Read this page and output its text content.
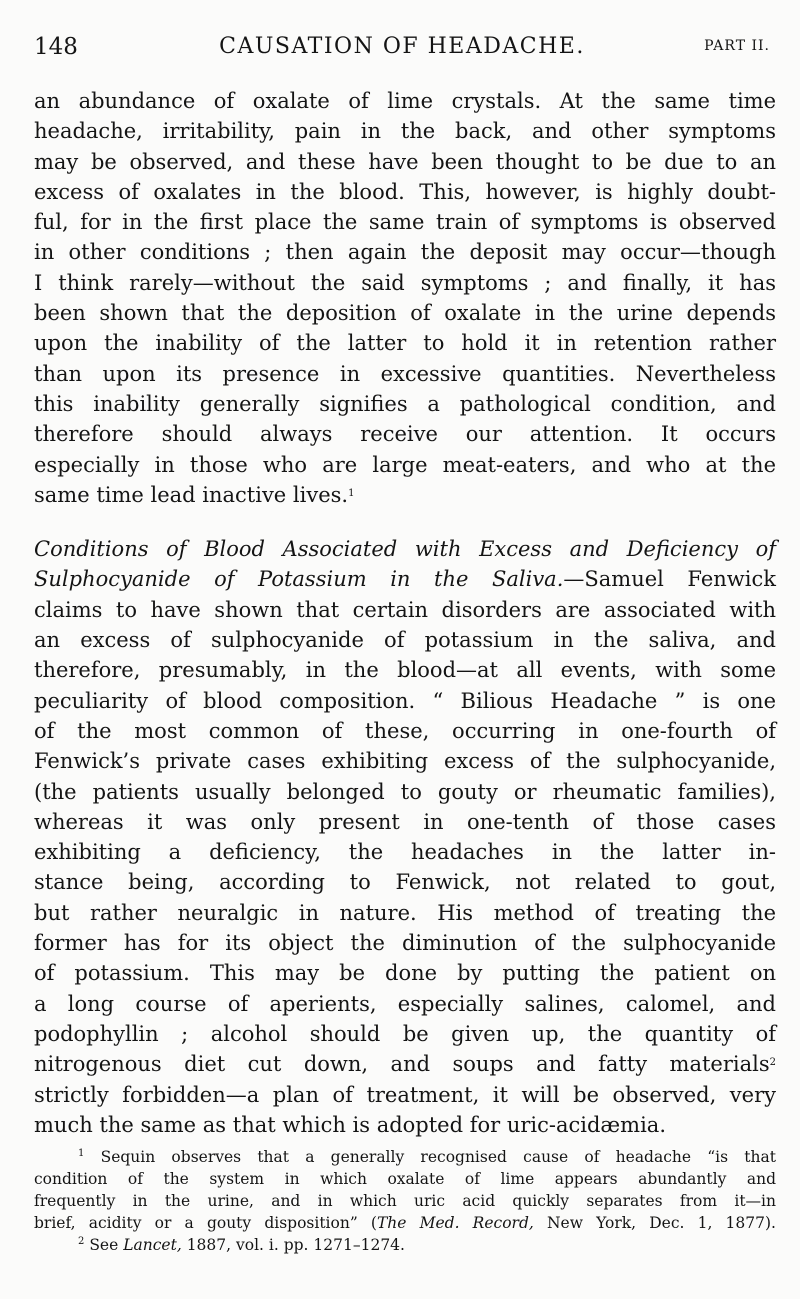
148	CAUSATION OF HEADACHE.	PART II.
an abundance of oxalate of lime crystals. At the same time
headache, irritability, pain in the back, and other symptoms
may be observed, and these have been thought to be due to an
excess of oxalates in the blood. This, however, is highly doubt-
ful, for in the first place the same train of symptoms is observed
in other conditions ; then again the deposit may occur—though
I think rarely—without the said symptoms ; and finally, it has
been shown that the deposition of oxalate in the urine depends
upon the inability of the latter to hold it in retention rather
than upon its presence in excessive quantities. Nevertheless
this inability generally signifies a pathological condition, and
therefore should always receive our attention. It occurs
especially in those who are large meat-eaters, and who at the
same time lead inactive lives.$^1$
Conditions of Blood Associated with Excess and Deficiency of
Sulphocyanide of Potassium in the Saliva.—Samuel Fenwick
claims to have shown that certain disorders are associated with
an excess of sulphocyanide of potassium in the saliva, and
therefore, presumably, in the blood—at all events, with some
peculiarity of blood composition. “ Bilious Headache ” is one
of the most common of these, occurring in one-fourth of
Fenwick’s private cases exhibiting excess of the sulphocyanide,
(the patients usually belonged to gouty or rheumatic families),
whereas it was only present in one-tenth of those cases
exhibiting a deficiency, the headaches in the latter in-
stance being, according to Fenwick, not related to gout,
but rather neuralgic in nature. His method of treating the
former has for its object the diminution of the sulphocyanide
of potassium. This may be done by putting the patient on
a long course of aperients, especially salines, calomel, and
podophyllin ; alcohol should be given up, the quantity of
nitrogenous diet cut down, and soups and fatty materials$^2$
strictly forbidden—a plan of treatment, it will be observed, very
much the same as that which is adopted for uric-acidæmia.
$^1$ Sequin observes that a generally recognised cause of headache “is that
condition of the system in which oxalate of lime appears abundantly and
frequently in the urine, and in which uric acid quickly separates from it—in
brief, acidity or a gouty disposition” (The Med. Record, New York, Dec. 1, 1877).
$^2$ See Lancet, 1887, vol. i. pp. 1271–1274.
